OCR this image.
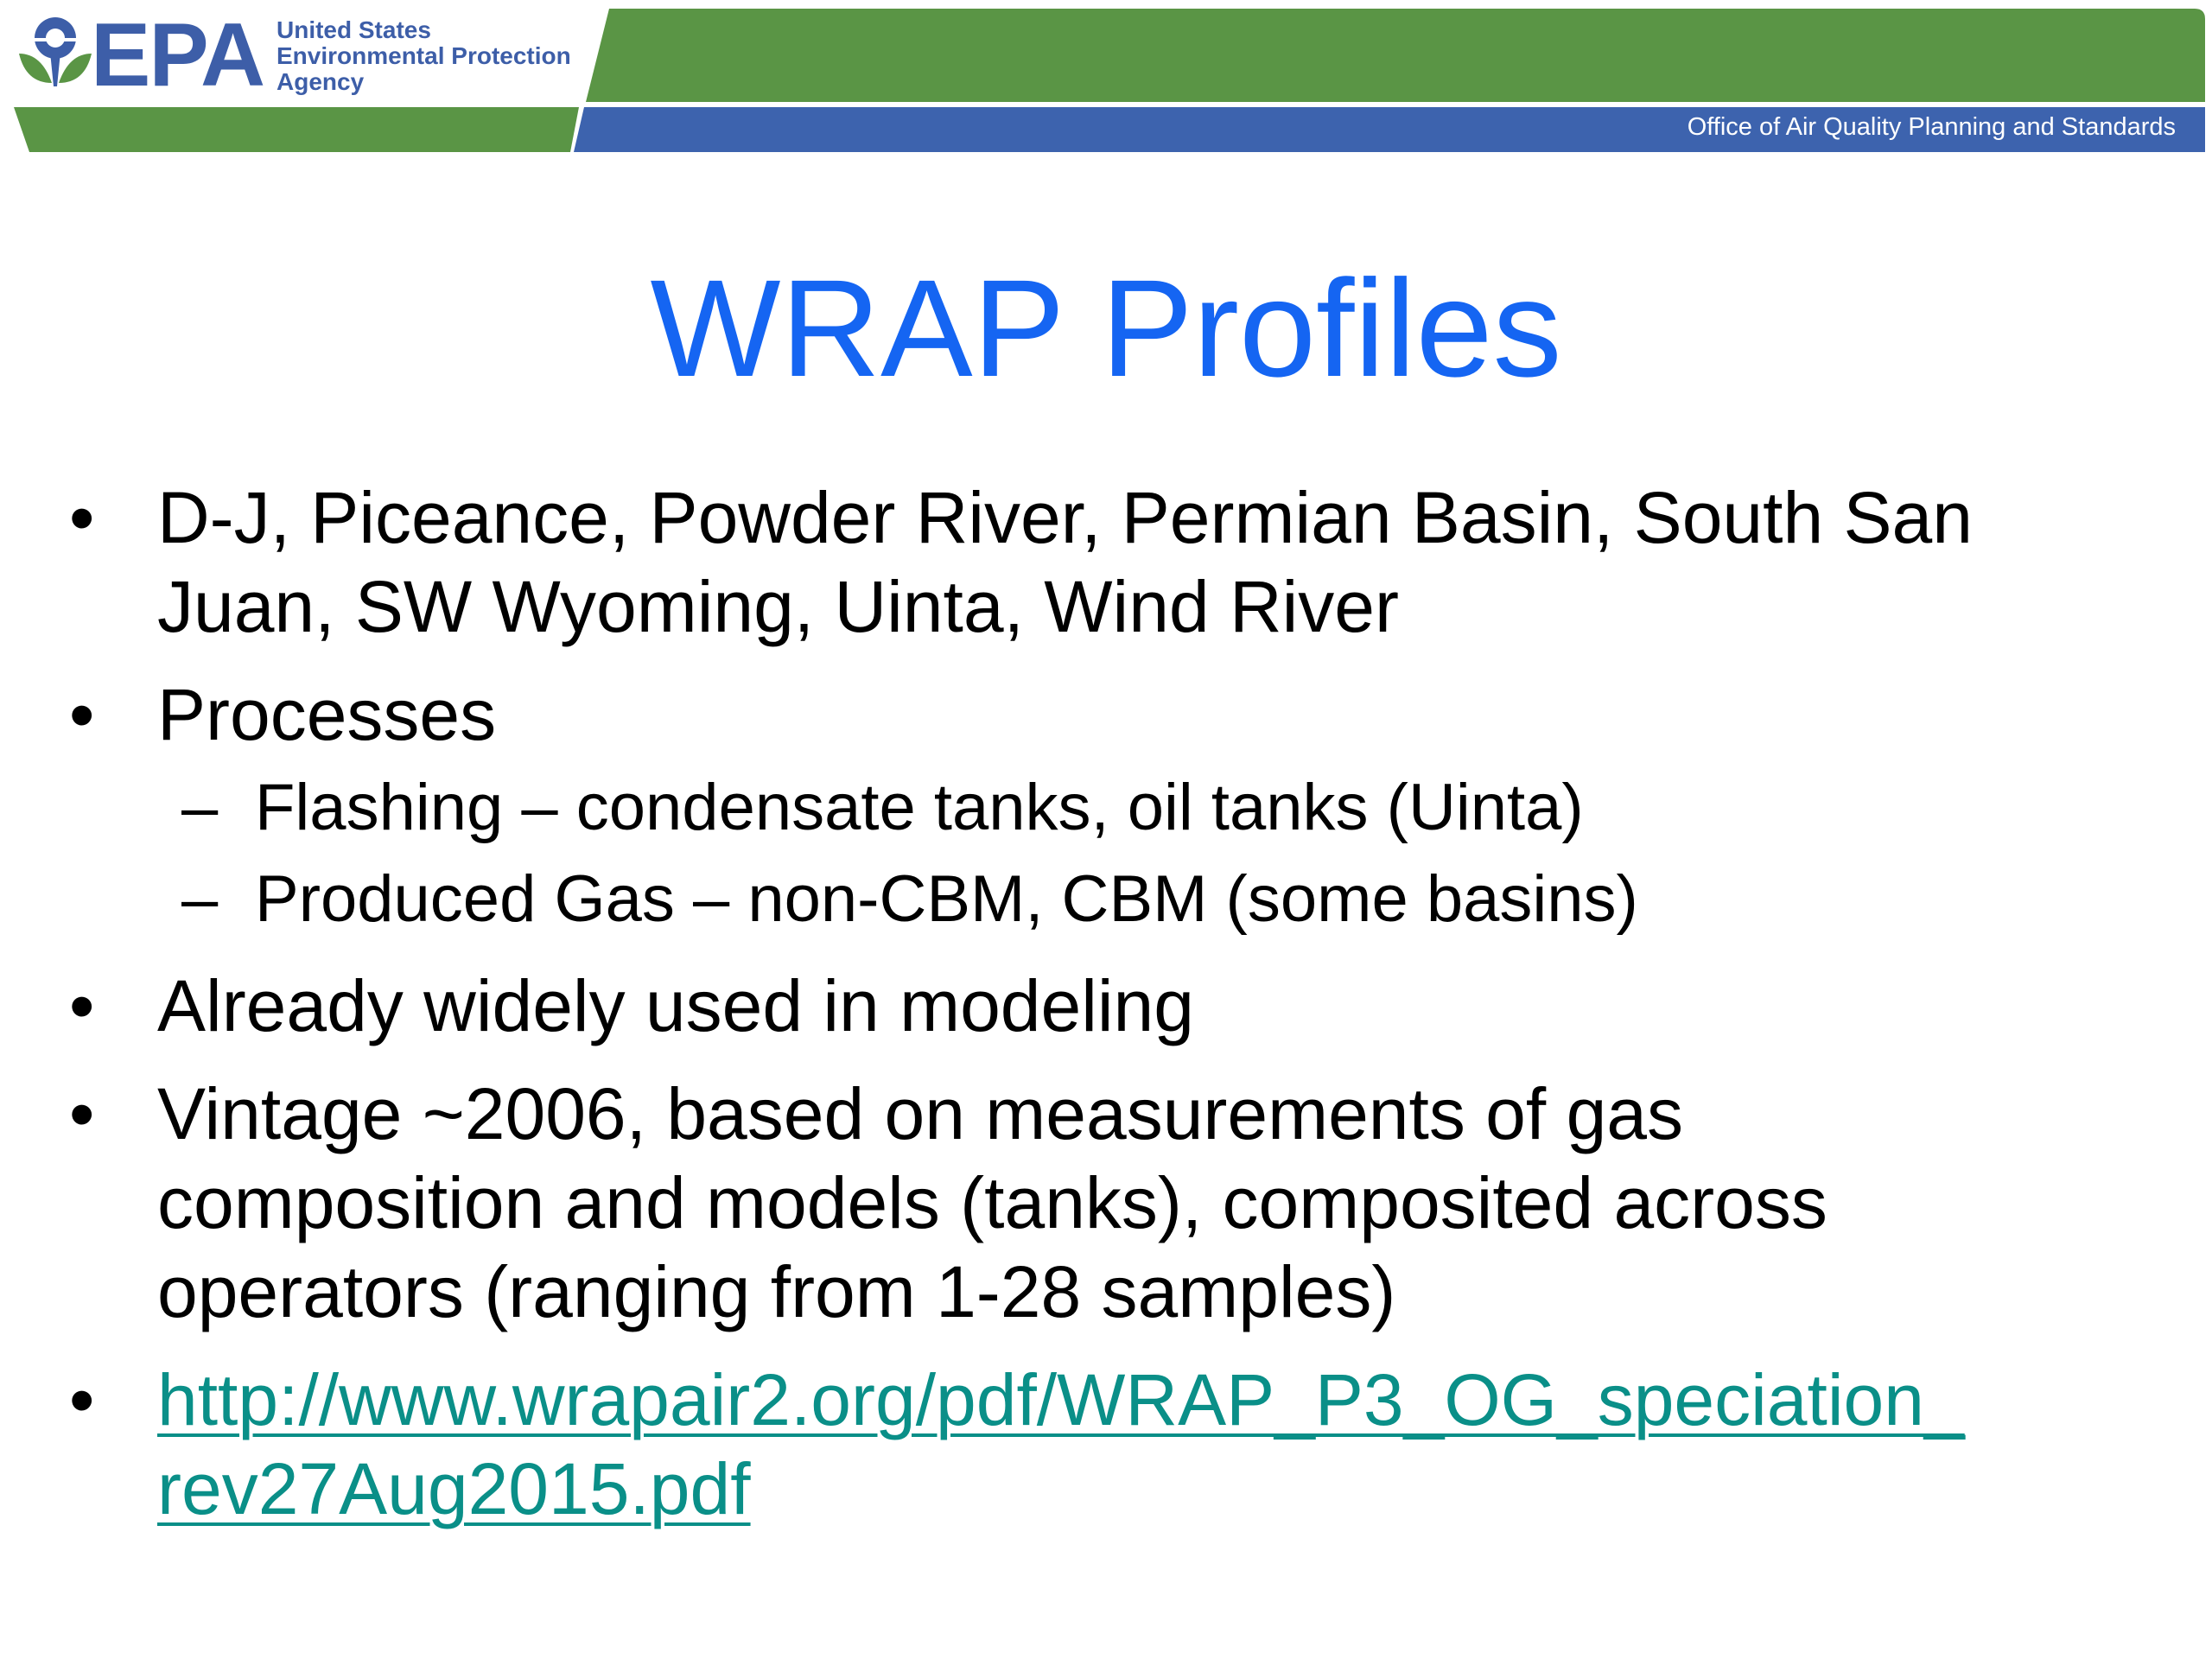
EPA United States
Environmental Protection
Agency
Office of Air Quality Planning and Standards
WRAP Profiles
• D-J, Piceance, Powder River, Permian Basin, South San
Juan, SW Wyoming, Uinta, Wind River
• Processes
– Flashing – condensate tanks, oil tanks (Uinta)
– Produced Gas – non-CBM, CBM (some basins)
• Already widely used in modeling
• Vintage ~2006, based on measurements of gas
composition and models (tanks), composited across
operators (ranging from 1-28 samples)
• http://www.wrapair2.org/pdf/WRAP_P3_OG_speciation_
rev27Aug2015.pdf
